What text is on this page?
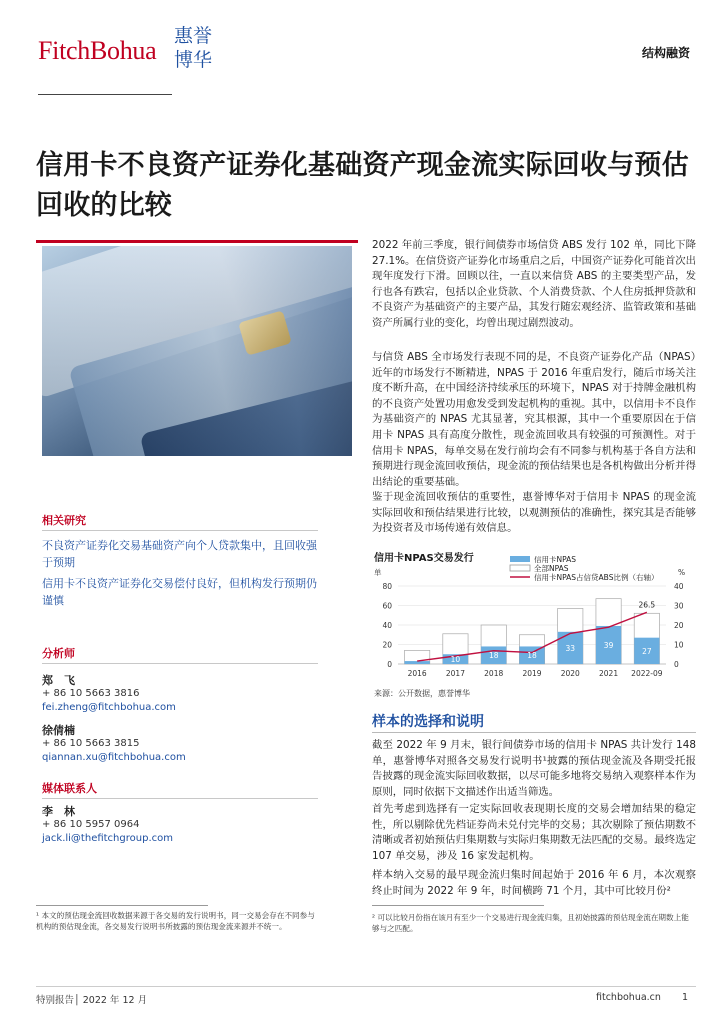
FitchBohua 惠誉
博华	结构融资
信用卡不良资产证券化基础资产现金流实际回收与预估回收的比较
相关研究
不良资产证券化交易基础资产向个人贷款集中，且回收强于预期
信用卡不良资产证券化交易偿付良好，但机构发行预期仍谨慎
分析师
郑　飞
+ 86 10 5663 3816
fei.zheng@fitchbohua.com
徐倩楠
+ 86 10 5663 3815
qiannan.xu@fitchbohua.com
媒体联系人
李　林
+ 86 10 5957 0964
jack.li@thefitchgroup.com
2022 年前三季度，银行间债券市场信贷 ABS 发行 102 单，同比下降 27.1%。在信贷资产证券化市场重启之后，中国资产证券化可能首次出现年度发行下滑。回顾以往，一直以来信贷 ABS 的主要类型产品，发行也各有跌宕，包括以企业贷款、个人消费贷款、个人住房抵押贷款和不良资产为基础资产的主要产品，其发行随宏观经济、监管政策和基础资产所属行业的变化，均曾出现过剧烈波动。
与信贷 ABS 全市场发行表现不同的是，不良资产证券化产品（NPAS）近年的市场发行不断精进，NPAS 于 2016 年重启发行，随后市场关注度不断升高，在中国经济持续承压的环境下，NPAS 对于持牌金融机构的不良资产处置功用愈发受到发起机构的重视。其中，以信用卡不良作为基础资产的 NPAS 尤其显著，究其根源，其中一个重要原因在于信用卡 NPAS 具有高度分散性，现金流回收具有较强的可预测性。对于信用卡 NPAS，每单交易在发行前均会有不同参与机构基于各自方法和预期进行现金流回收预估，现金流的预估结果也是各机构做出分析并得出结论的重要基础。
鉴于现金流回收预估的重要性，惠誉博华对于信用卡 NPAS 的现金流实际回收和预估结果进行比较，以观测预估的准确性，探究其是否能够为投资者及市场传递有效信息。
信用卡NPAS交易发行	信用卡NPAS
全部NPAS
信用卡NPAS占信贷ABS比例（右轴）
10	18	18
33	39
27
26.5
单	%
0
20
40
60
80
0
10
20
30
40
2016	2017	2018	2019	2020	2021 2022-09
来源：公开数据，惠誉博华
样本的选择和说明
截至 2022 年 9 月末，银行间债券市场的信用卡 NPAS 共计发行 148 单，惠誉博华对照各交易发行说明书¹披露的预估现金流及各期受托报告披露的现金流实际回收数据，以尽可能多地将交易纳入观察样本作为原则，同时依据下文描述作出适当筛选。
首先考虑到选择有一定实际回收表现期长度的交易会增加结果的稳定性，所以剔除优先档证券尚未兑付完毕的交易；其次剔除了预估期数不清晰或者初始预估归集期数与实际归集期数无法匹配的交易。最终选定 107 单交易，涉及 16 家发起机构。
样本纳入交易的最早现金流归集时间起始于 2016 年 6 月，本次观察终止时间为 2022 年 9 年，时间横跨 71 个月，其中可比较月份²
¹ 本文的预估现金流回收数据来源于各交易的发行说明书，同一交易会存在不同参与机构的预估现金流，各交易发行说明书所披露的预估现金流来源并不统一。
² 可以比较月份指在该月有至少一个交易进行现金流归集，且初始披露的预估现金流在期数上能够与之匹配。
特别报告│ 2022 年 12 月	fitchbohua.cn 1
